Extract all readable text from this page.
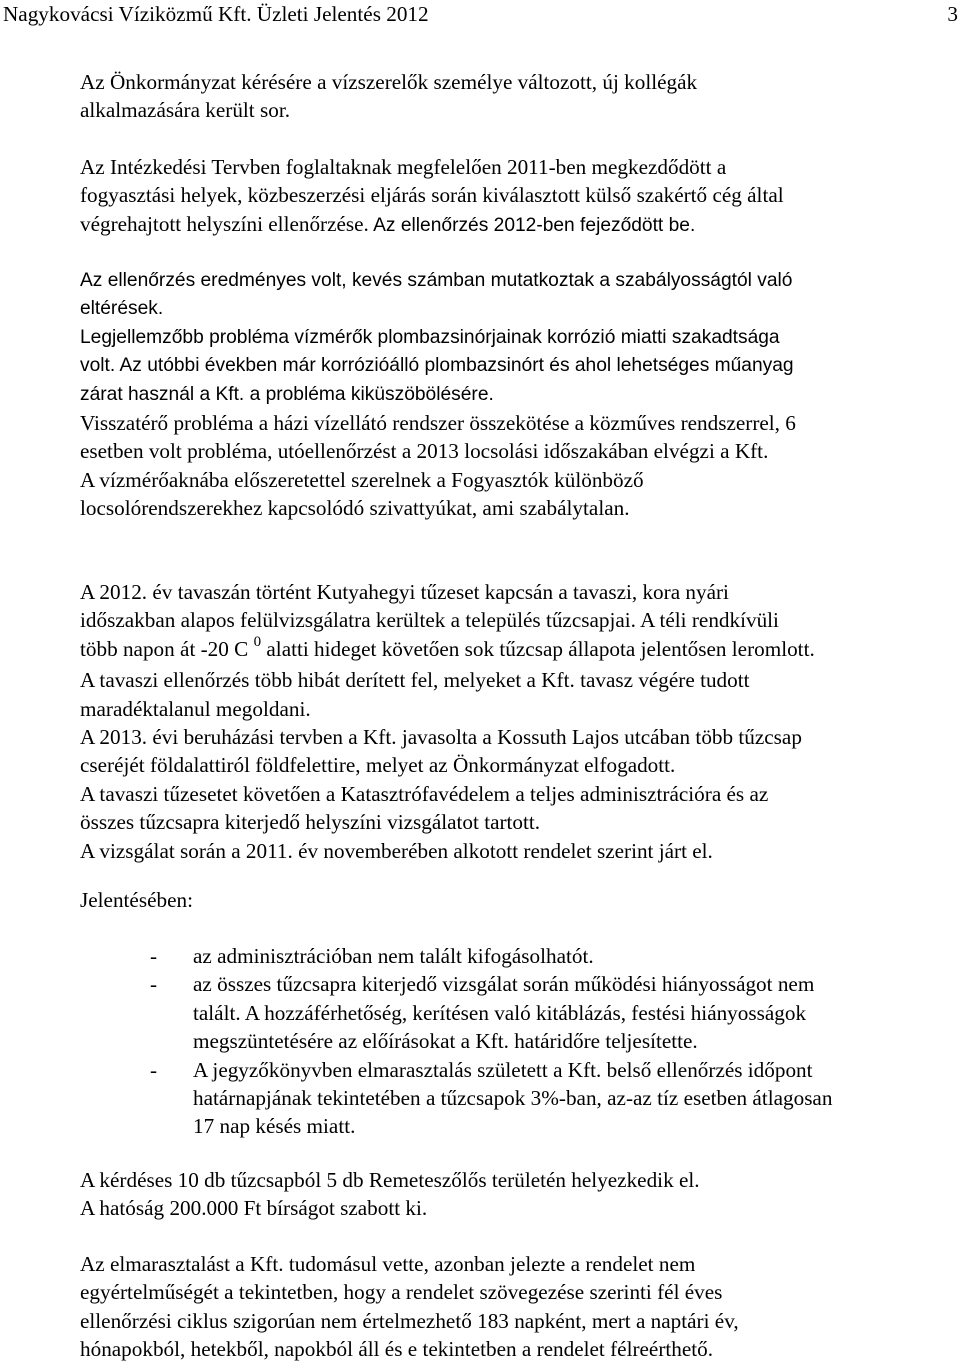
Nagykovácsi Víziközmű Kft. Üzleti Jelentés 2012	3
Az Önkormányzat kérésére a vízszerelők személye változott, új kollégák
alkalmazására került sor.
Az Intézkedési Tervben foglaltaknak megfelelően 2011-ben megkezdődött a
fogyasztási helyek, közbeszerzési eljárás során kiválasztott külső szakértő cég által
végrehajtott helyszíni ellenőrzése. Az ellenőrzés 2012-ben fejeződött be.
Az ellenőrzés eredményes volt, kevés számban mutatkoztak a szabályosságtól való
eltérések.
Legjellemzőbb probléma vízmérők plombazsinórjainak korrózió miatti szakadtsága
volt. Az utóbbi években már korrózióálló plombazsinórt és ahol lehetséges műanyag
zárat használ a Kft. a probléma kiküszöbölésére.
Visszatérő probléma a házi vízellátó rendszer összekötése a közműves rendszerrel, 6
esetben volt probléma, utóellenőrzést a 2013 locsolási időszakában elvégzi a Kft.
A vízmérőaknába előszeretettel szerelnek a Fogyasztók különböző
locsolórendszerekhez kapcsolódó szivattyúkat, ami szabálytalan.
A 2012. év tavaszán történt Kutyahegyi tűzeset kapcsán a tavaszi, kora nyári
időszakban alapos felülvizsgálatra kerültek a település tűzcsapjai. A téli rendkívüli
több napon át -20 C $^0$ alatti hideget követően sok tűzcsap állapota jelentősen leromlott.
A tavaszi ellenőrzés több hibát derített fel, melyeket a Kft. tavasz végére tudott
maradéktalanul megoldani.
A 2013. évi beruházási tervben a Kft. javasolta a Kossuth Lajos utcában több tűzcsap
cseréjét földalattiról földfelettire, melyet az Önkormányzat elfogadott.
A tavaszi tűzesetet követően a Katasztrófavédelem a teljes adminisztrációra és az
összes tűzcsapra kiterjedő helyszíni vizsgálatot tartott.
A vizsgálat során a 2011. év novemberében alkotott rendelet szerint járt el.
Jelentésében:
- az adminisztrációban nem talált kifogásolhatót.
- az összes tűzcsapra kiterjedő vizsgálat során működési hiányosságot nem
talált. A hozzáférhetőség, kerítésen való kitáblázás, festési hiányosságok
megszüntetésére az előírásokat a Kft. határidőre teljesítette.
- A jegyzőkönyvben elmarasztalás született a Kft. belső ellenőrzés időpont
határnapjának tekintetében a tűzcsapok 3%-ban, az-az tíz esetben átlagosan
17 nap késés miatt.
A kérdéses 10 db tűzcsapból 5 db Remeteszőlős területén helyezkedik el.
A hatóság 200.000 Ft bírságot szabott ki.
Az elmarasztalást a Kft. tudomásul vette, azonban jelezte a rendelet nem
egyértelműségét a tekintetben, hogy a rendelet szövegezése szerinti fél éves
ellenőrzési ciklus szigorúan nem értelmezhető 183 napként, mert a naptári év,
hónapokból, hetekből, napokból áll és e tekintetben a rendelet félreérthető.
